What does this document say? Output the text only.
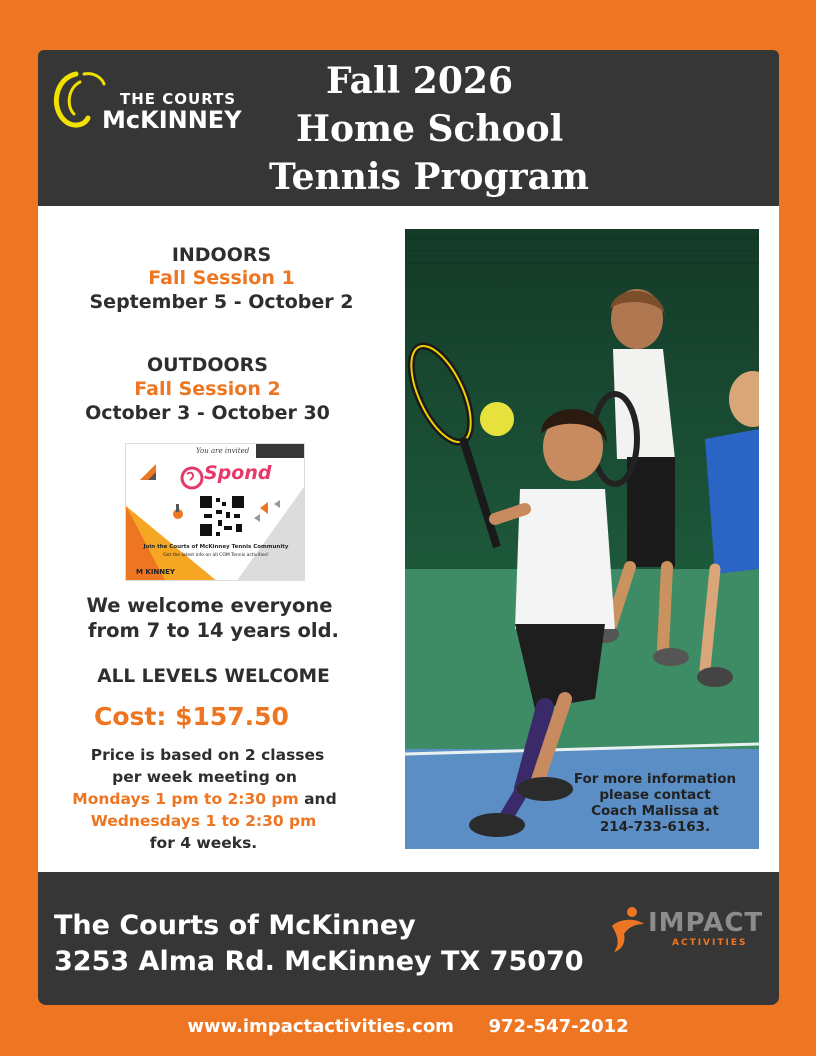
THE COURTS
McKINNEY
Fall 2026
Home School
Tennis Program
INDOORS
Fall Session 1
September 5 - October 2
OUTDOORS
Fall Session 2
October 3 - October 30
You are invited
Spond
Join the Courts of McKinney Tennis Community
Get the latest info on all COM Tennis activities!
M KINNEY
We welcome everyone
from 7 to 14 years old.
ALL LEVELS WELCOME
Cost: $157.50
Price is based on 2 classes
per week meeting on
Mondays 1 pm to 2:30 pm and
Wednesdays 1 to 2:30 pm
for 4 weeks.
For more information
please contact
Coach Malissa at
214-733-6163.
The Courts of McKinney
3253 Alma Rd. McKinney TX 75070
IMPACT
ACTIVITIES
www.impactactivities.com 972-547-2012
